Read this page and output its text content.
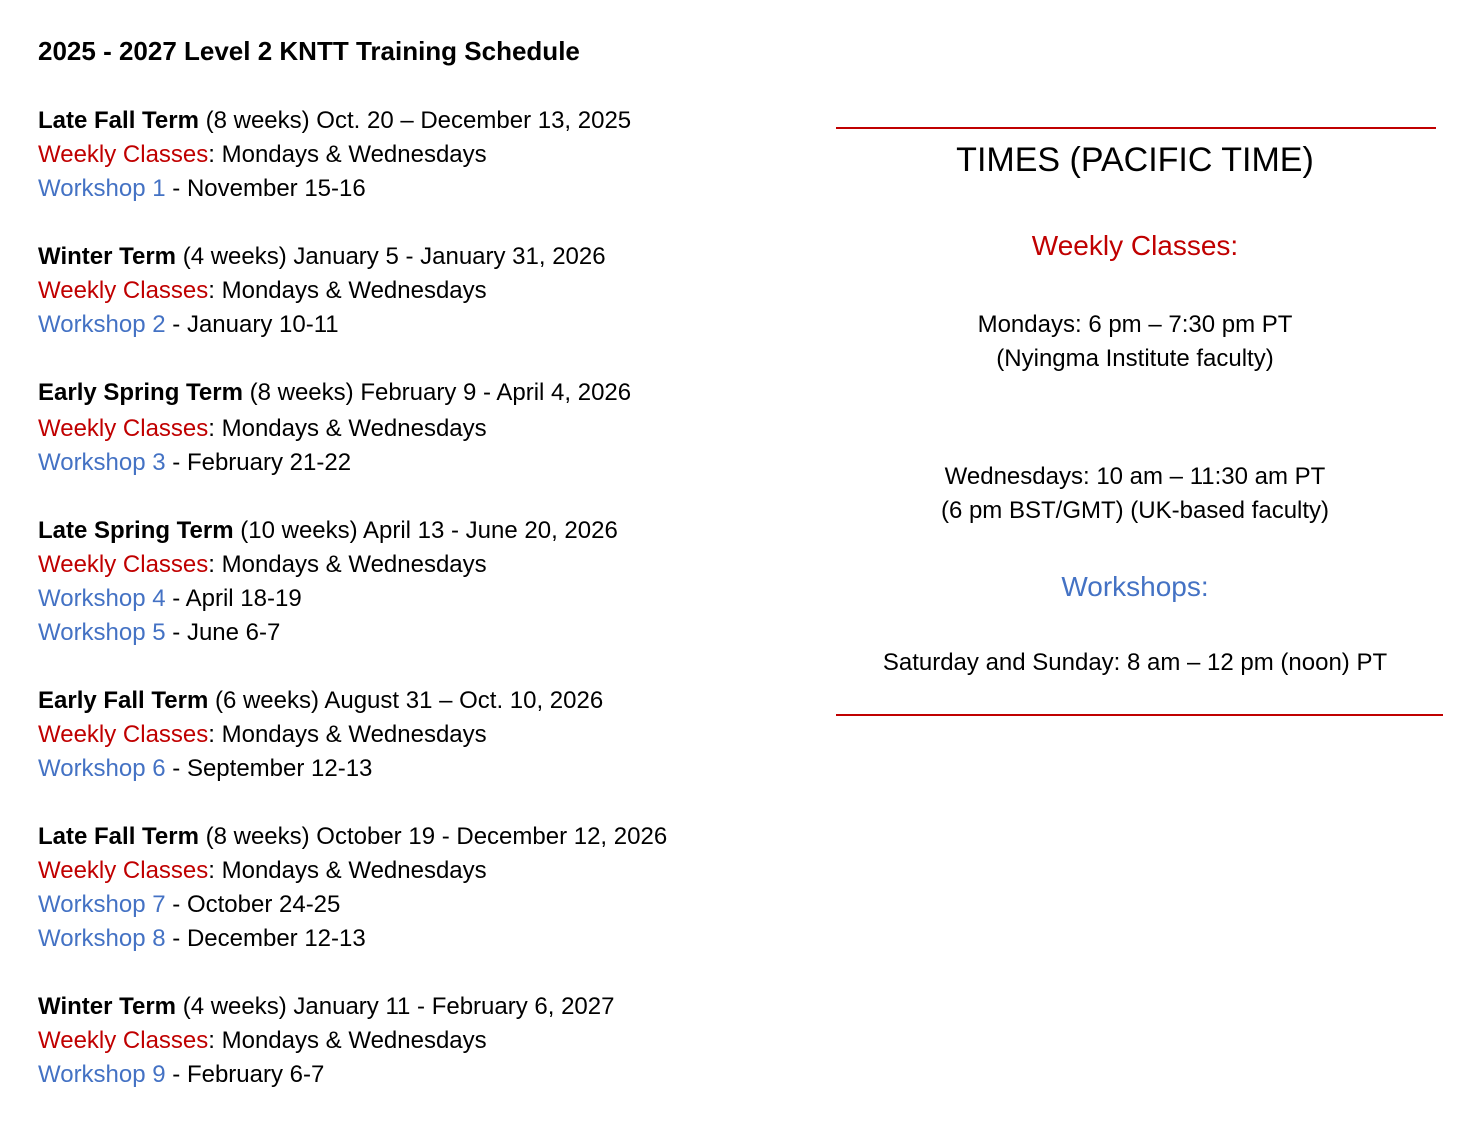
2025 - 2027 Level 2 KNTT Training Schedule
Late Fall Term (8 weeks) Oct. 20 – December 13, 2025
Weekly Classes: Mondays & Wednesdays
Workshop 1 - November 15-16
Winter Term (4 weeks) January 5 - January 31, 2026
Weekly Classes: Mondays & Wednesdays
Workshop 2 - January 10-11
Early Spring Term (8 weeks) February 9 - April 4, 2026
Weekly Classes: Mondays & Wednesdays
Workshop 3 - February 21-22
Late Spring Term (10 weeks) April 13 - June 20, 2026
Weekly Classes: Mondays & Wednesdays
Workshop 4 - April 18-19
Workshop 5 - June 6-7
Early Fall Term (6 weeks) August 31 – Oct. 10, 2026
Weekly Classes: Mondays & Wednesdays
Workshop 6 - September 12-13
Late Fall Term (8 weeks) October 19 - December 12, 2026
Weekly Classes: Mondays & Wednesdays
Workshop 7 - October 24-25
Workshop 8 - December 12-13
Winter Term (4 weeks) January 11 - February 6, 2027
Weekly Classes: Mondays & Wednesdays
Workshop 9 - February 6-7
TIMES (PACIFIC TIME)
Weekly Classes:
Mondays: 6 pm – 7:30 pm PT
(Nyingma Institute faculty)
Wednesdays: 10 am – 11:30 am PT
(6 pm BST/GMT) (UK-based faculty)
Workshops:
Saturday and Sunday: 8 am – 12 pm (noon) PT
